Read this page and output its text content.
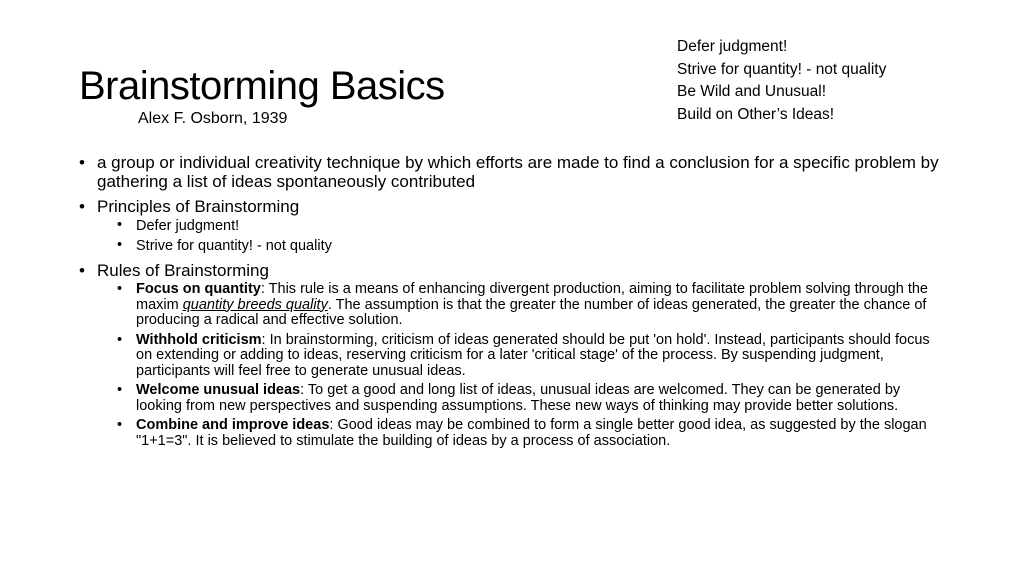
Brainstorming Basics
Alex F. Osborn, 1939
Defer judgment!
Strive for quantity! - not quality
Be Wild and Unusual!
Build on Other’s Ideas!
• a group or individual creativity technique by which efforts are made to find a conclusion for a specific problem by gathering a list of ideas spontaneously contributed
• Principles of Brainstorming
• Defer judgment!
• Strive for quantity! - not quality
• Rules of Brainstorming
• Focus on quantity: This rule is a means of enhancing divergent production, aiming to facilitate problem solving through the maxim quantity breeds quality. The assumption is that the greater the number of ideas generated, the greater the chance of producing a radical and effective solution.
• Withhold criticism: In brainstorming, criticism of ideas generated should be put 'on hold'. Instead, participants should focus on extending or adding to ideas, reserving criticism for a later 'critical stage' of the process. By suspending judgment, participants will feel free to generate unusual ideas.
• Welcome unusual ideas: To get a good and long list of ideas, unusual ideas are welcomed. They can be generated by looking from new perspectives and suspending assumptions. These new ways of thinking may provide better solutions.
• Combine and improve ideas: Good ideas may be combined to form a single better good idea, as suggested by the slogan "1+1=3". It is believed to stimulate the building of ideas by a process of association.
